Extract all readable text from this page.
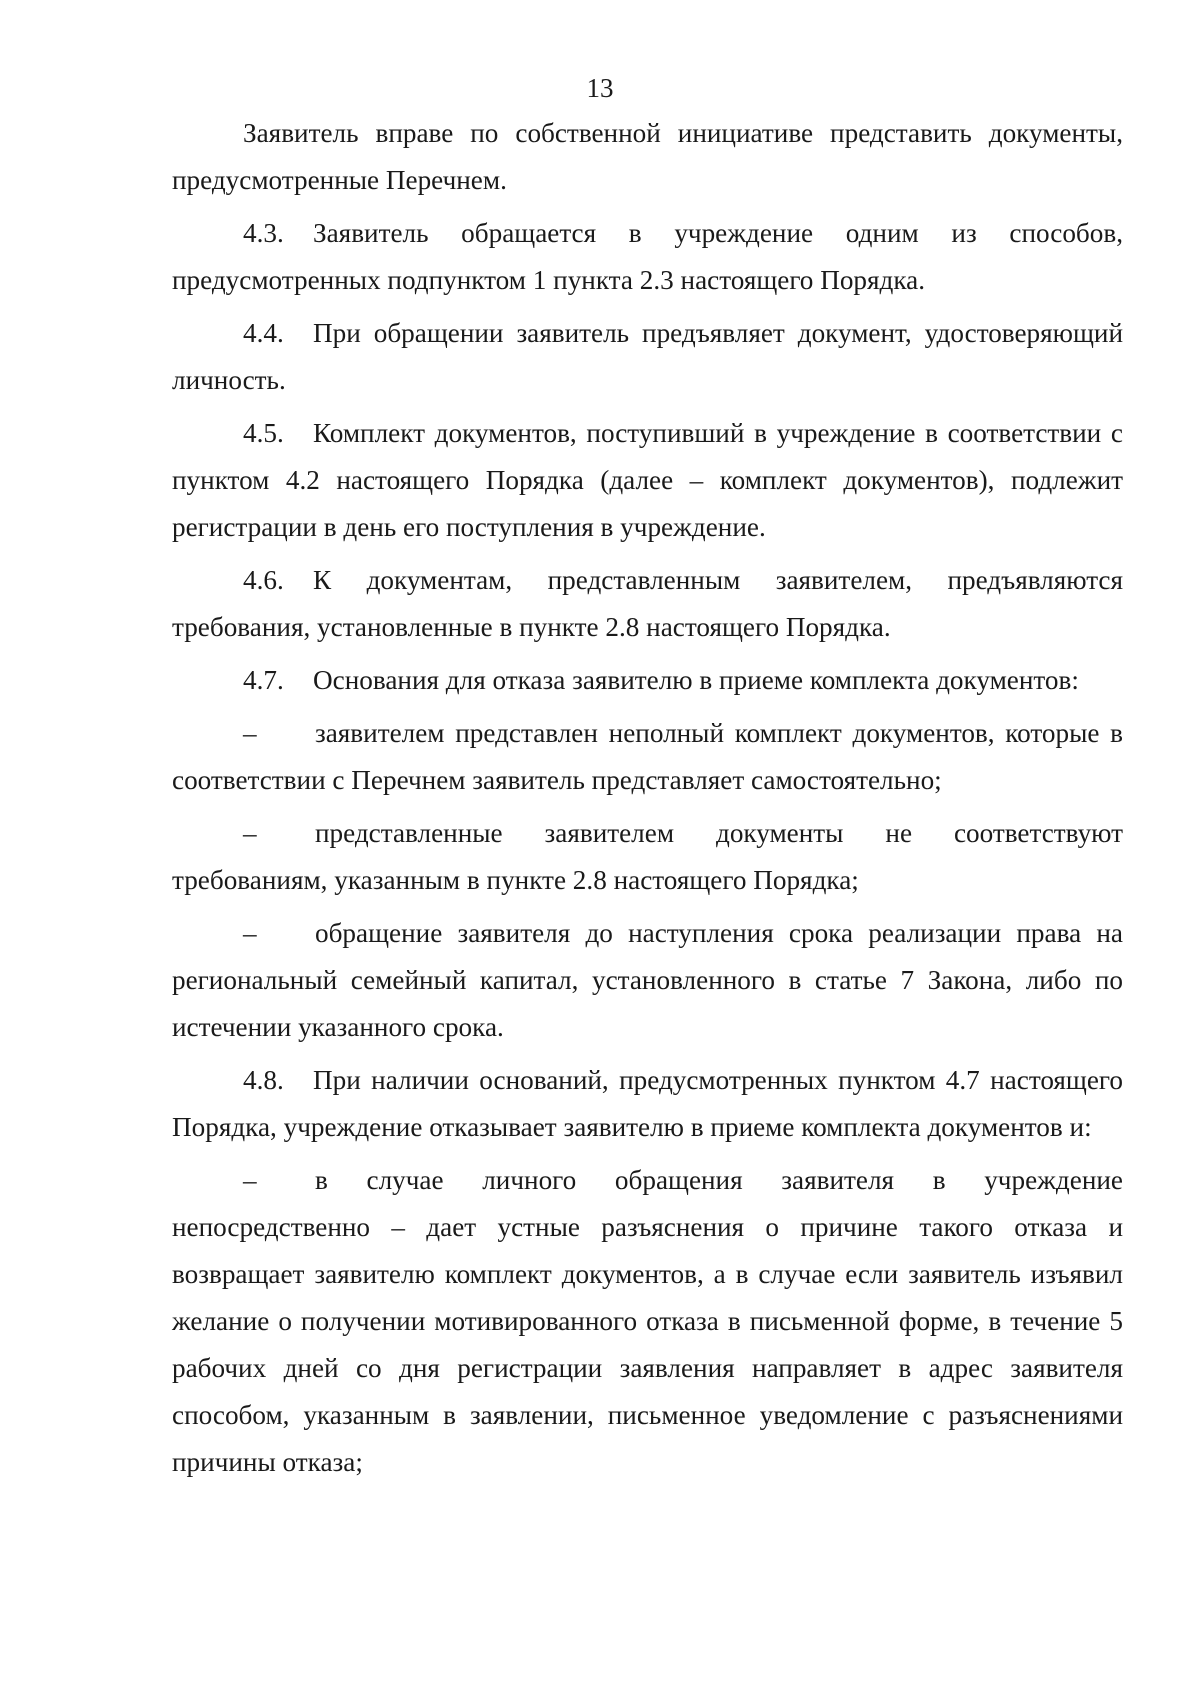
13

Заявитель вправе по собственной инициативе представить документы, предусмотренные Перечнем.

4.3. Заявитель обращается в учреждение одним из способов, предусмотренных подпунктом 1 пункта 2.3 настоящего Порядка.

4.4. При обращении заявитель предъявляет документ, удостоверяющий личность.

4.5. Комплект документов, поступивший в учреждение в соответствии с пунктом 4.2 настоящего Порядка (далее – комплект документов), подлежит регистрации в день его поступления в учреждение.

4.6. К документам, представленным заявителем, предъявляются требования, установленные в пункте 2.8 настоящего Порядка.

4.7. Основания для отказа заявителю в приеме комплекта документов:

– заявителем представлен неполный комплект документов, которые в соответствии с Перечнем заявитель представляет самостоятельно;

– представленные заявителем документы не соответствуют требованиям, указанным в пункте 2.8 настоящего Порядка;

– обращение заявителя до наступления срока реализации права на региональный семейный капитал, установленного в статье 7 Закона, либо по истечении указанного срока.

4.8. При наличии оснований, предусмотренных пунктом 4.7 настоящего Порядка, учреждение отказывает заявителю в приеме комплекта документов и:

– в случае личного обращения заявителя в учреждение непосредственно – дает устные разъяснения о причине такого отказа и возвращает заявителю комплект документов, а в случае если заявитель изъявил желание о получении мотивированного отказа в письменной форме, в течение 5 рабочих дней со дня регистрации заявления направляет в адрес заявителя способом, указанным в заявлении, письменное уведомление с разъяснениями причины отказа;
